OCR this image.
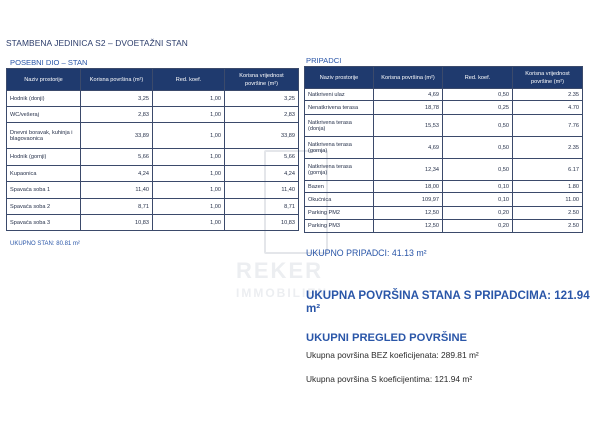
REKER
IMMOBILIEN
STAMBENA JEDINICA S2 – DVOETAŽNI STAN
POSEBNI DIO – STAN
Naziv prostorije	Korisna površina (m²)	Red. koef.	Korisna vrijednost površine (m²)
Hodnik (donji)	3,25	1,00	3,25
WC/vešeraj	2,83	1,00	2,83
Dnevni boravak, kuhinja i blagovaonica	33,89	1,00	33,89
Hodnik (gornji)	5,66	1,00	5,66
Kupaonica	4,24	1,00	4,24
Spavaća soba 1	11,40	1,00	11,40
Spavaća soba 2	8,71	1,00	8,71
Spavaća soba 3	10,83	1,00	10,83
UKUPNO STAN: 80.81 m²
PRIPADCI
Naziv prostorije	Korisna površina (m²)	Red. koef.	Korisna vrijednost površine (m²)
Natkriveni ulaz	4,69	0,50	2.35
Nenatkrivena terasa	18,78	0,25	4.70
Natkrivena terasa (donja)	15,53	0,50	7.76
Natkrivena terasa (gornja)	4,69	0,50	2.35
Natkrivena terasa (gornja)	12,34	0,50	6.17
Bazen	18,00	0,10	1.80
Okućnica	109,97	0,10	11.00
Parking PM2	12,50	0,20	2.50
Parking PM3	12,50	0,20	2.50
UKUPNO PRIPADCI: 41.13 m²
UKUPNA POVRŠINA STANA S PRIPADCIMA: 121.94 m²
UKUPNI PREGLED POVRŠINE
Ukupna površina BEZ koeficijenata: 289.81 m²
Ukupna površina S koeficijentima: 121.94 m²
